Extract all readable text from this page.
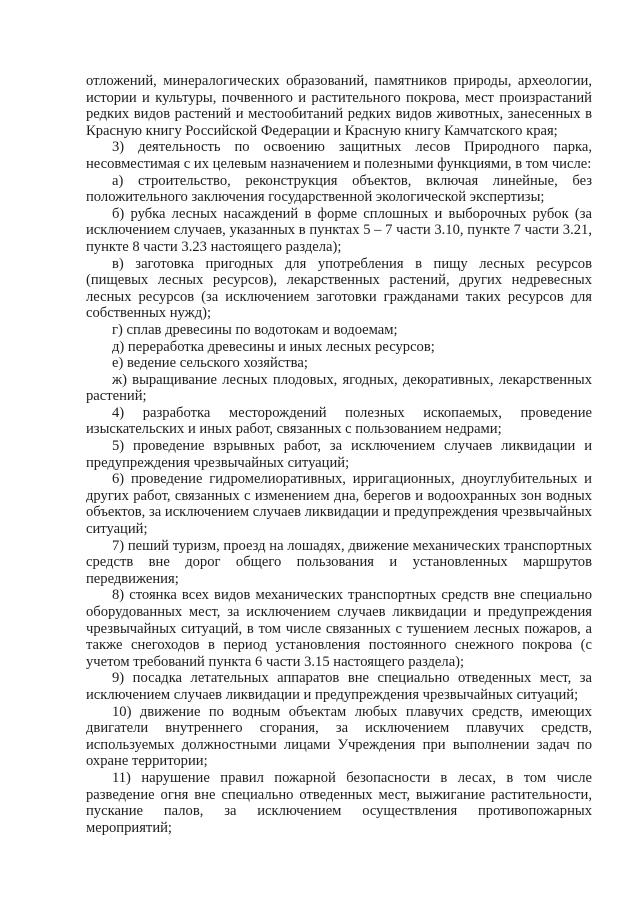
отложений, минералогических образований, памятников природы, археологии, истории и культуры, почвенного и растительного покрова, мест произрастаний редких видов растений и местообитаний редких видов животных, занесенных в Красную книгу Российской Федерации и Красную книгу Камчатского края;

3) деятельность по освоению защитных лесов Природного парка, несовместимая с их целевым назначением и полезными функциями, в том числе:

а) строительство, реконструкция объектов, включая линейные, без положительного заключения государственной экологической экспертизы;

б) рубка лесных насаждений в форме сплошных и выборочных рубок (за исключением случаев, указанных в пунктах 5 – 7 части 3.10, пункте 7 части 3.21, пункте 8 части 3.23 настоящего раздела);

в) заготовка пригодных для употребления в пищу лесных ресурсов (пищевых лесных ресурсов), лекарственных растений, других недревесных лесных ресурсов (за исключением заготовки гражданами таких ресурсов для собственных нужд);

г) сплав древесины по водотокам и водоемам;

д) переработка древесины и иных лесных ресурсов;

е) ведение сельского хозяйства;

ж) выращивание лесных плодовых, ягодных, декоративных, лекарственных растений;

4) разработка месторождений полезных ископаемых, проведение изыскательских и иных работ, связанных с пользованием недрами;

5) проведение взрывных работ, за исключением случаев ликвидации и предупреждения чрезвычайных ситуаций;

6) проведение гидромелиоративных, ирригационных, дноуглубительных и других работ, связанных с изменением дна, берегов и водоохранных зон водных объектов, за исключением случаев ликвидации и предупреждения чрезвычайных ситуаций;

7) пеший туризм, проезд на лошадях, движение механических транспортных средств вне дорог общего пользования и установленных маршрутов передвижения;

8) стоянка всех видов механических транспортных средств вне специально оборудованных мест, за исключением случаев ликвидации и предупреждения чрезвычайных ситуаций, в том числе связанных с тушением лесных пожаров, а также снегоходов в период установления постоянного снежного покрова (с учетом требований пункта 6 части 3.15 настоящего раздела);

9) посадка летательных аппаратов вне специально отведенных мест, за исключением случаев ликвидации и предупреждения чрезвычайных ситуаций;

10) движение по водным объектам любых плавучих средств, имеющих двигатели внутреннего сгорания, за исключением плавучих средств, используемых должностными лицами Учреждения при выполнении задач по охране территории;

11) нарушение правил пожарной безопасности в лесах, в том числе разведение огня вне специально отведенных мест, выжигание растительности, пускание палов, за исключением осуществления противопожарных мероприятий;
